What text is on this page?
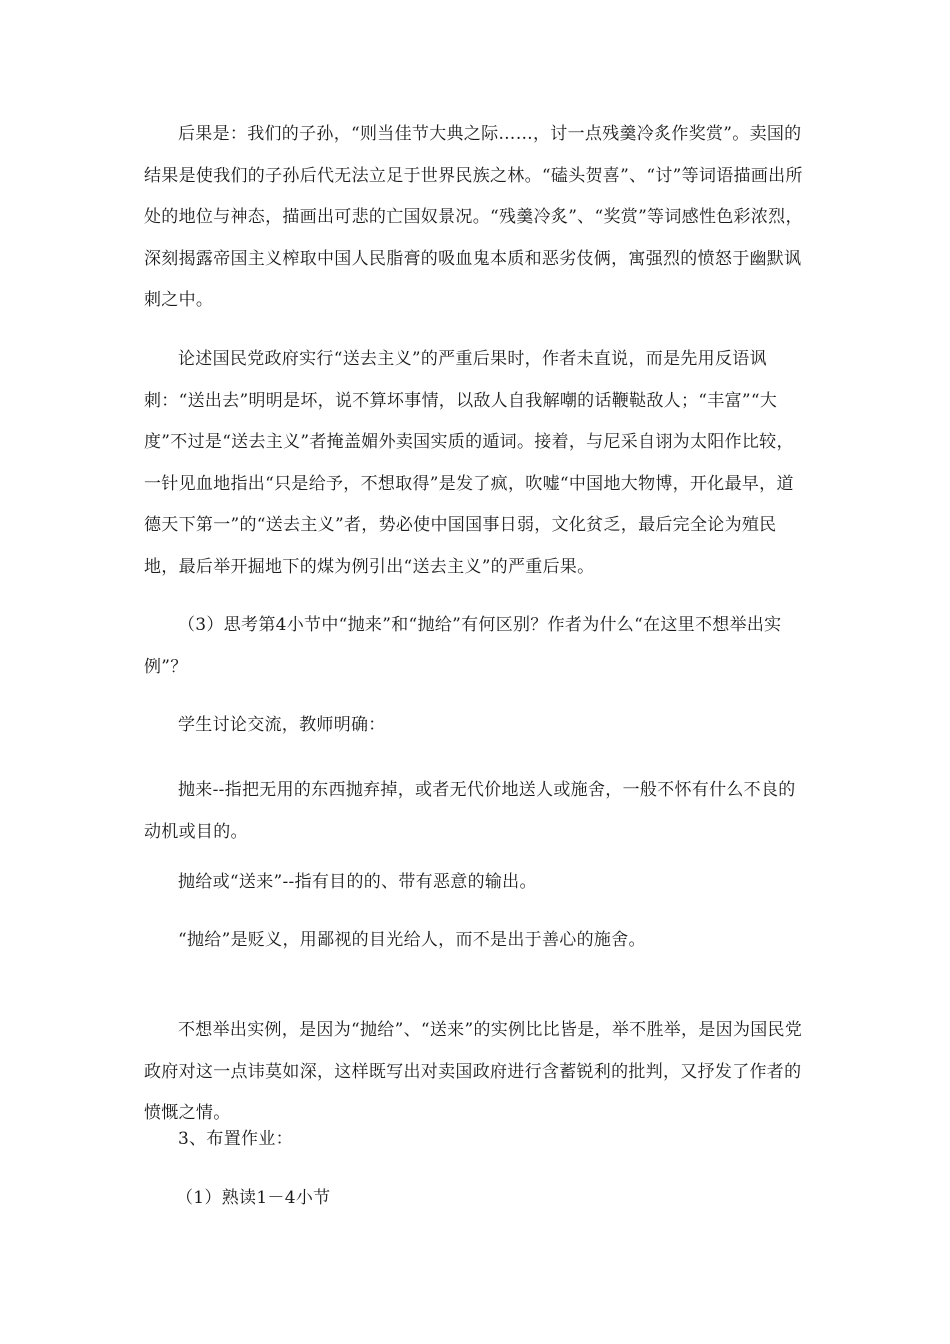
后果是：我们的子孙，“则当佳节大典之际……，讨一点残羹冷炙作奖赏”。卖国的结果是使我们的子孙后代无法立足于世界民族之林。“磕头贺喜”、“讨”等词语描画出所处的地位与神态，描画出可悲的亡国奴景况。“残羹冷炙”、“奖赏”等词感性色彩浓烈，深刻揭露帝国主义榨取中国人民脂膏的吸血鬼本质和恶劣伎俩，寓强烈的愤怒于幽默讽刺之中。

论述国民党政府实行“送去主义”的严重后果时，作者未直说，而是先用反语讽刺：“送出去”明明是坏，说不算坏事情，以敌人自我解嘲的话鞭鞑敌人；“丰富”“大度”不过是“送去主义”者掩盖媚外卖国实质的遁词。接着，与尼采自诩为太阳作比较，一针见血地指出“只是给予，不想取得”是发了疯，吹嘘“中国地大物博，开化最早，道德天下第一”的“送去主义”者，势必使中国国事日弱，文化贫乏，最后完全论为殖民地，最后举开掘地下的煤为例引出“送去主义”的严重后果。

（3）思考第4小节中“抛来”和“抛给”有何区别？作者为什么“在这里不想举出实例”？

学生讨论交流，教师明确：

抛来--指把无用的东西抛弃掉，或者无代价地送人或施舍，一般不怀有什么不良的动机或目的。

抛给或“送来”--指有目的的、带有恶意的输出。

“抛给”是贬义，用鄙视的目光给人，而不是出于善心的施舍。

不想举出实例，是因为“抛给”、“送来”的实例比比皆是，举不胜举，是因为国民党政府对这一点讳莫如深，这样既写出对卖国政府进行含蓄锐利的批判，又抒发了作者的愤慨之情。

3、布置作业：

（1）熟读1－4小节
